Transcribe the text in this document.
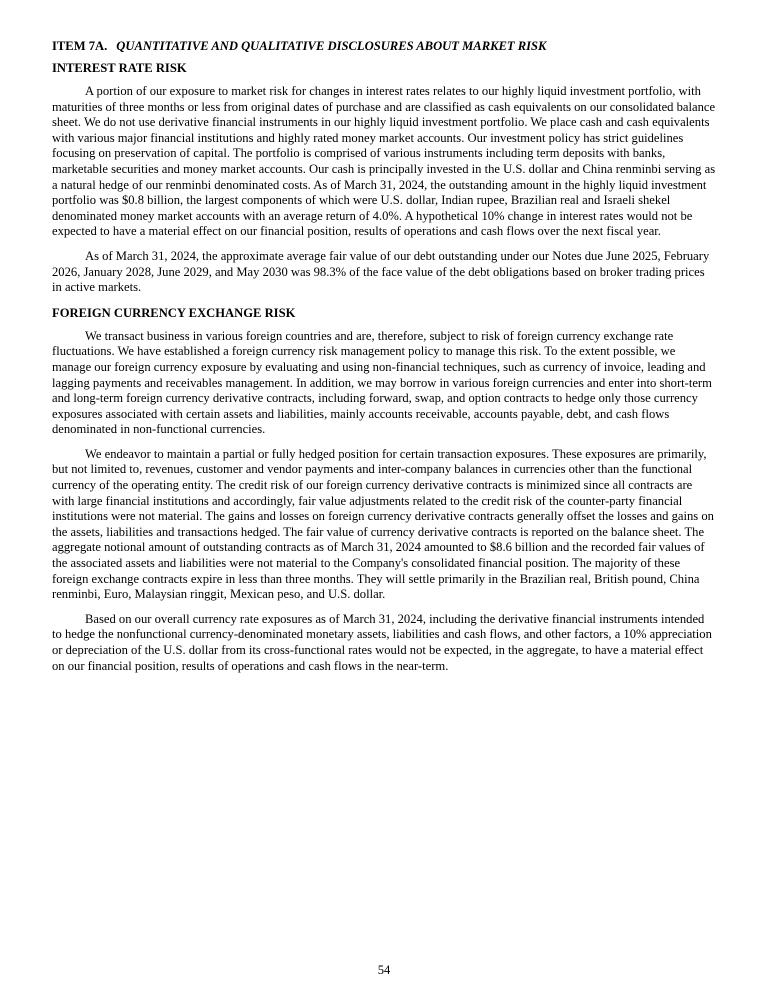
ITEM 7A. QUANTITATIVE AND QUALITATIVE DISCLOSURES ABOUT MARKET RISK
INTEREST RATE RISK

A portion of our exposure to market risk for changes in interest rates relates to our highly liquid investment portfolio, with maturities of three months or less from original dates of purchase and are classified as cash equivalents on our consolidated balance sheet. We do not use derivative financial instruments in our highly liquid investment portfolio. We place cash and cash equivalents with various major financial institutions and highly rated money market accounts. Our investment policy has strict guidelines focusing on preservation of capital. The portfolio is comprised of various instruments including term deposits with banks, marketable securities and money market accounts. Our cash is principally invested in the U.S. dollar and China renminbi serving as a natural hedge of our renminbi denominated costs. As of March 31, 2024, the outstanding amount in the highly liquid investment portfolio was $0.8 billion, the largest components of which were U.S. dollar, Indian rupee, Brazilian real and Israeli shekel denominated money market accounts with an average return of 4.0%. A hypothetical 10% change in interest rates would not be expected to have a material effect on our financial position, results of operations and cash flows over the next fiscal year.

As of March 31, 2024, the approximate average fair value of our debt outstanding under our Notes due June 2025, February 2026, January 2028, June 2029, and May 2030 was 98.3% of the face value of the debt obligations based on broker trading prices in active markets.

FOREIGN CURRENCY EXCHANGE RISK

We transact business in various foreign countries and are, therefore, subject to risk of foreign currency exchange rate fluctuations. We have established a foreign currency risk management policy to manage this risk. To the extent possible, we manage our foreign currency exposure by evaluating and using non-financial techniques, such as currency of invoice, leading and lagging payments and receivables management. In addition, we may borrow in various foreign currencies and enter into short-term and long-term foreign currency derivative contracts, including forward, swap, and option contracts to hedge only those currency exposures associated with certain assets and liabilities, mainly accounts receivable, accounts payable, debt, and cash flows denominated in non-functional currencies.

We endeavor to maintain a partial or fully hedged position for certain transaction exposures. These exposures are primarily, but not limited to, revenues, customer and vendor payments and inter-company balances in currencies other than the functional currency of the operating entity. The credit risk of our foreign currency derivative contracts is minimized since all contracts are with large financial institutions and accordingly, fair value adjustments related to the credit risk of the counter-party financial institutions were not material. The gains and losses on foreign currency derivative contracts generally offset the losses and gains on the assets, liabilities and transactions hedged. The fair value of currency derivative contracts is reported on the balance sheet. The aggregate notional amount of outstanding contracts as of March 31, 2024 amounted to $8.6 billion and the recorded fair values of the associated assets and liabilities were not material to the Company's consolidated financial position. The majority of these foreign exchange contracts expire in less than three months. They will settle primarily in the Brazilian real, British pound, China renminbi, Euro, Malaysian ringgit, Mexican peso, and U.S. dollar.

Based on our overall currency rate exposures as of March 31, 2024, including the derivative financial instruments intended to hedge the nonfunctional currency-denominated monetary assets, liabilities and cash flows, and other factors, a 10% appreciation or depreciation of the U.S. dollar from its cross-functional rates would not be expected, in the aggregate, to have a material effect on our financial position, results of operations and cash flows in the near-term.

54
